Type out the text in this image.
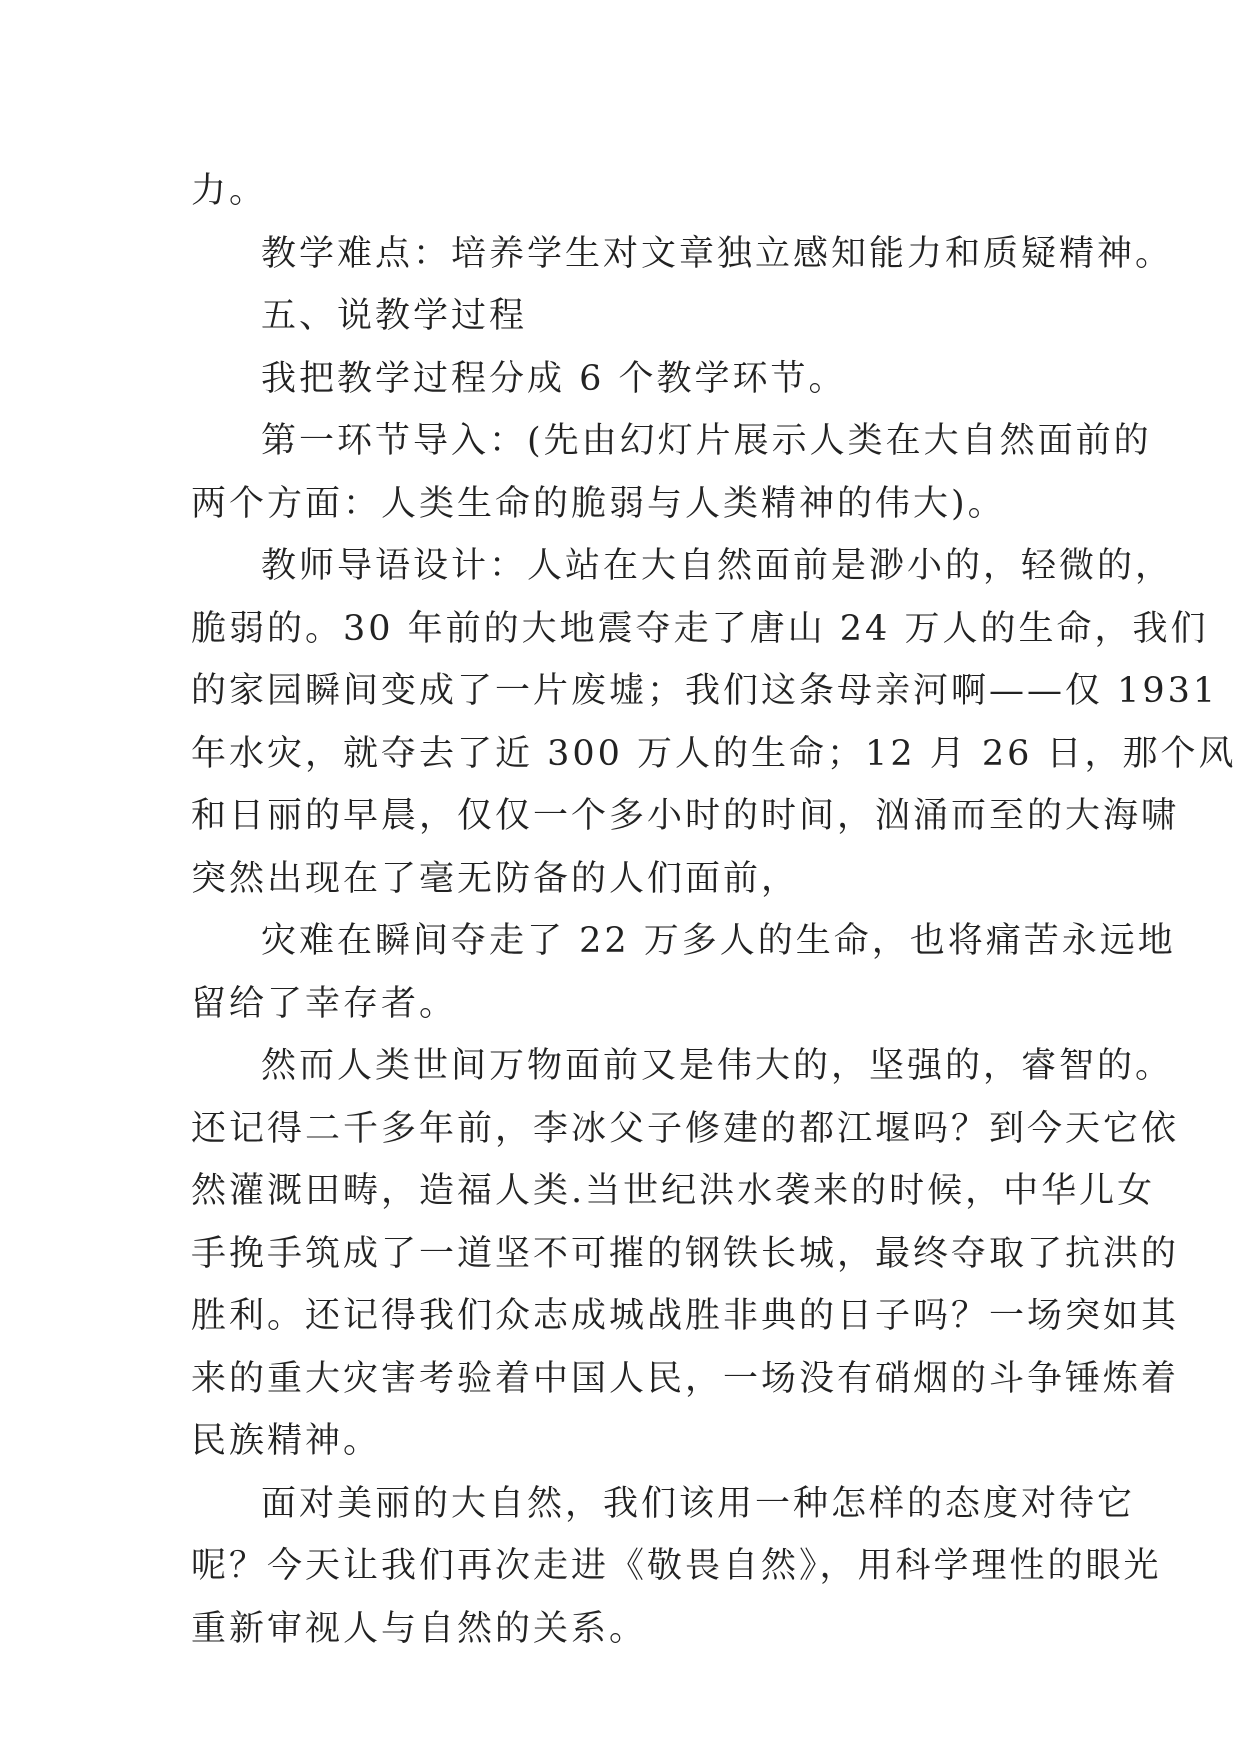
力。
教学难点：培养学生对文章独立感知能力和质疑精神。
五、说教学过程
我把教学过程分成 6 个教学环节。
第一环节导入：(先由幻灯片展示人类在大自然面前的
两个方面：人类生命的脆弱与人类精神的伟大)。
教师导语设计：人站在大自然面前是渺小的，轻微的，
脆弱的。30 年前的大地震夺走了唐山 24 万人的生命，我们
的家园瞬间变成了一片废墟；我们这条母亲河啊——仅 1931
年水灾，就夺去了近 300 万人的生命；12 月 26 日，那个风
和日丽的早晨，仅仅一个多小时的时间，汹涌而至的大海啸
突然出现在了毫无防备的人们面前，
灾难在瞬间夺走了 22 万多人的生命，也将痛苦永远地
留给了幸存者。
然而人类世间万物面前又是伟大的，坚强的，睿智的。
还记得二千多年前，李冰父子修建的都江堰吗？到今天它依
然灌溉田畴，造福人类.当世纪洪水袭来的时候，中华儿女
手挽手筑成了一道坚不可摧的钢铁长城，最终夺取了抗洪的
胜利。还记得我们众志成城战胜非典的日子吗？一场突如其
来的重大灾害考验着中国人民，一场没有硝烟的斗争锤炼着
民族精神。
面对美丽的大自然，我们该用一种怎样的态度对待它
呢？今天让我们再次走进《敬畏自然》，用科学理性的眼光
重新审视人与自然的关系。
